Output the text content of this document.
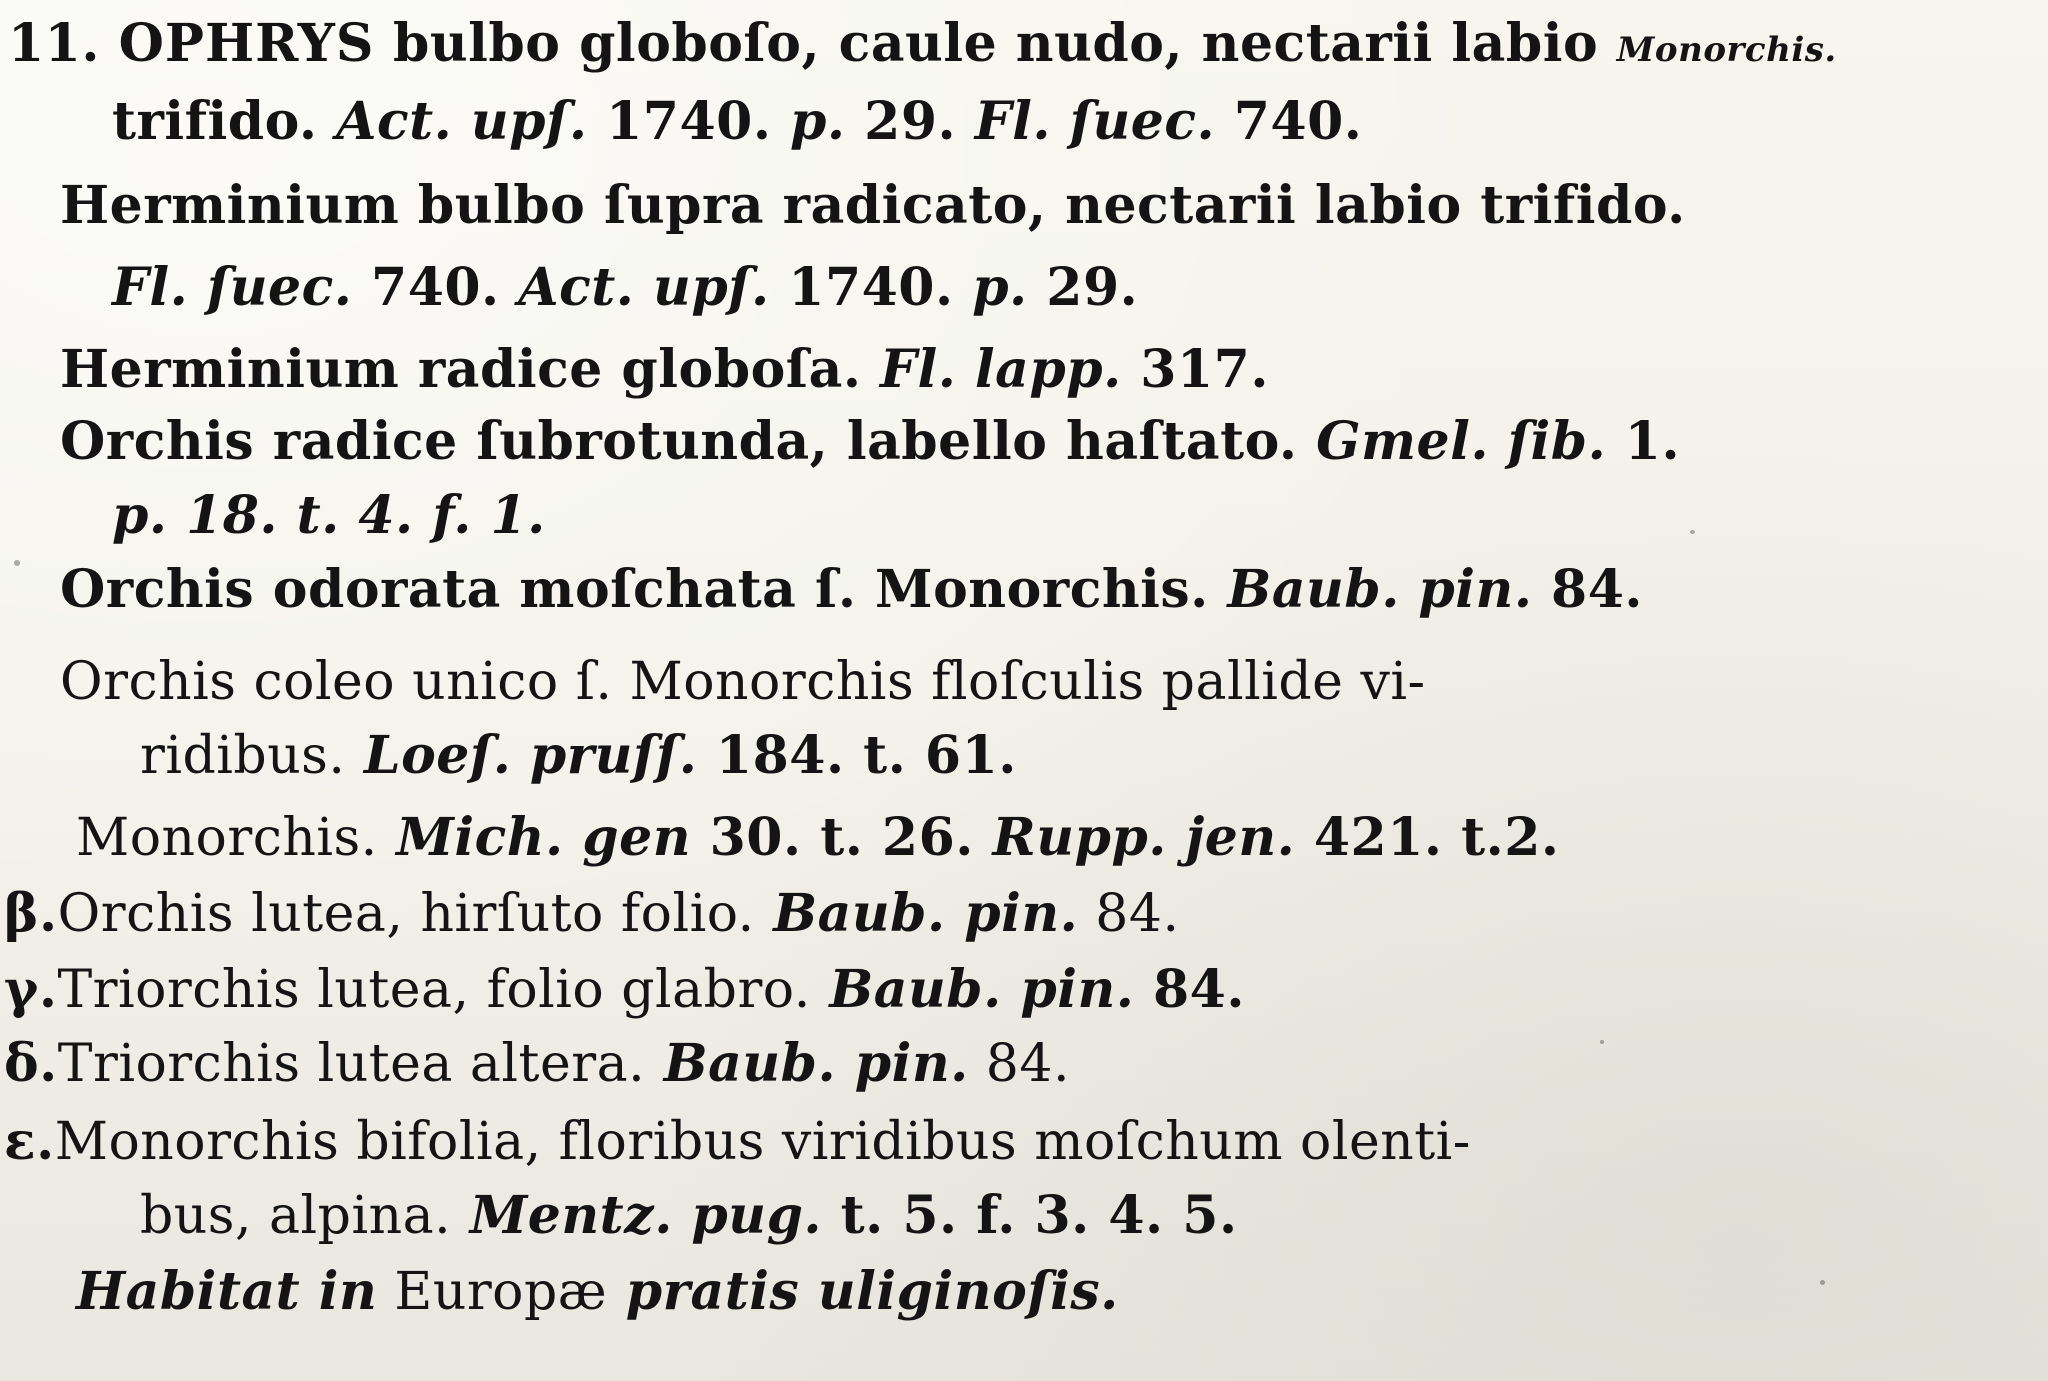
11. OPHRYS bulbo globoſo, caule nudo, nectarii labio Monorchis.
trifido. Act. upſ. 1740. p. 29. Fl. ſuec. 740.
Herminium bulbo ſupra radicato, nectarii labio trifido.
Fl. ſuec. 740. Act. upſ. 1740. p. 29.
Herminium radice globoſa. Fl. lapp. 317.
Orchis radice ſubrotunda, labello haſtato. Gmel. ſib. 1.
p. 18. t. 4. f. 1.
Orchis odorata moſchata ſ. Monorchis. Baub. pin. 84.
Orchis coleo unico ſ. Monorchis floſculis pallide vi-
ridibus. Loeſ. pruſſ. 184. t. 61.
Monorchis. Mich. gen 30. t. 26. Rupp. jen. 421. t.2.
β.Orchis lutea, hirſuto folio. Baub. pin. 84.
γ.Triorchis lutea, folio glabro. Baub. pin. 84.
δ.Triorchis lutea altera. Baub. pin. 84.
ε.Monorchis bifolia, floribus viridibus moſchum olenti-
bus, alpina. Mentz. pug. t. 5. f. 3. 4. 5.
Habitat in Europæ pratis uliginoſis.
